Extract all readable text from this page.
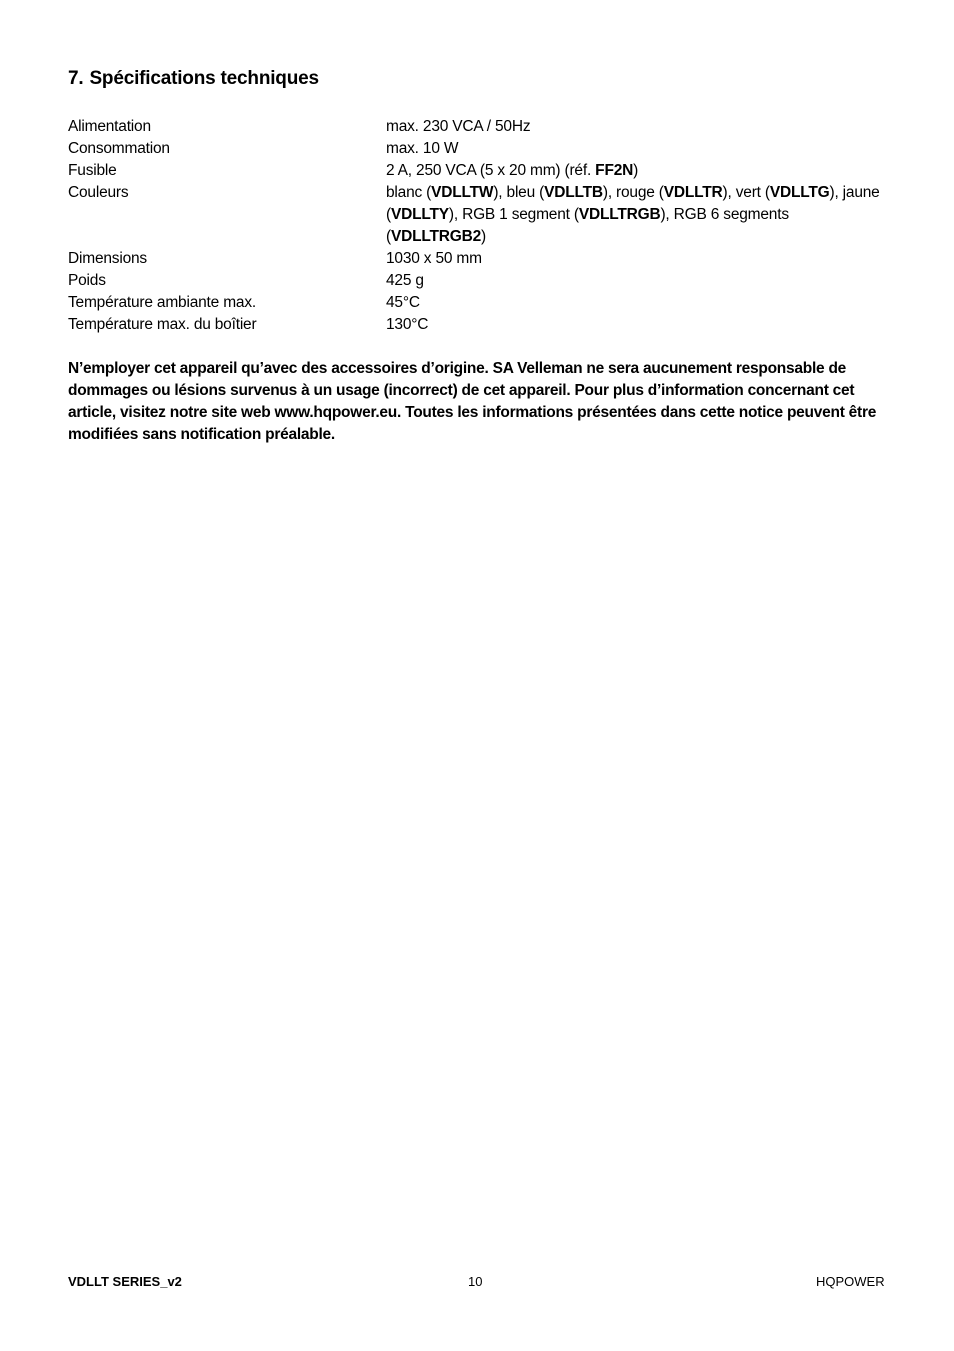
7. Spécifications techniques
Alimentation	max. 230 VCA / 50Hz
Consommation	max. 10 W
Fusible	2 A, 250 VCA (5 x 20 mm) (réf. FF2N)
Couleurs	blanc (VDLLTW), bleu (VDLLTB), rouge (VDLLTR), vert (VDLLTG), jaune (VDLLTY), RGB 1 segment (VDLLTRGB), RGB 6 segments (VDLLTRGB2)
Dimensions	1030 x 50 mm
Poids	425 g
Température ambiante max.	45°C
Température max. du boîtier	130°C

N’employer cet appareil qu’avec des accessoires d’origine. SA Velleman ne sera aucunement responsable de dommages ou lésions survenus à un usage (incorrect) de cet appareil. Pour plus d’information concernant cet article, visitez notre site web www.hqpower.eu. Toutes les informations présentées dans cette notice peuvent être modifiées sans notification préalable.

VDLLT SERIES_v2	10	HQPOWER
